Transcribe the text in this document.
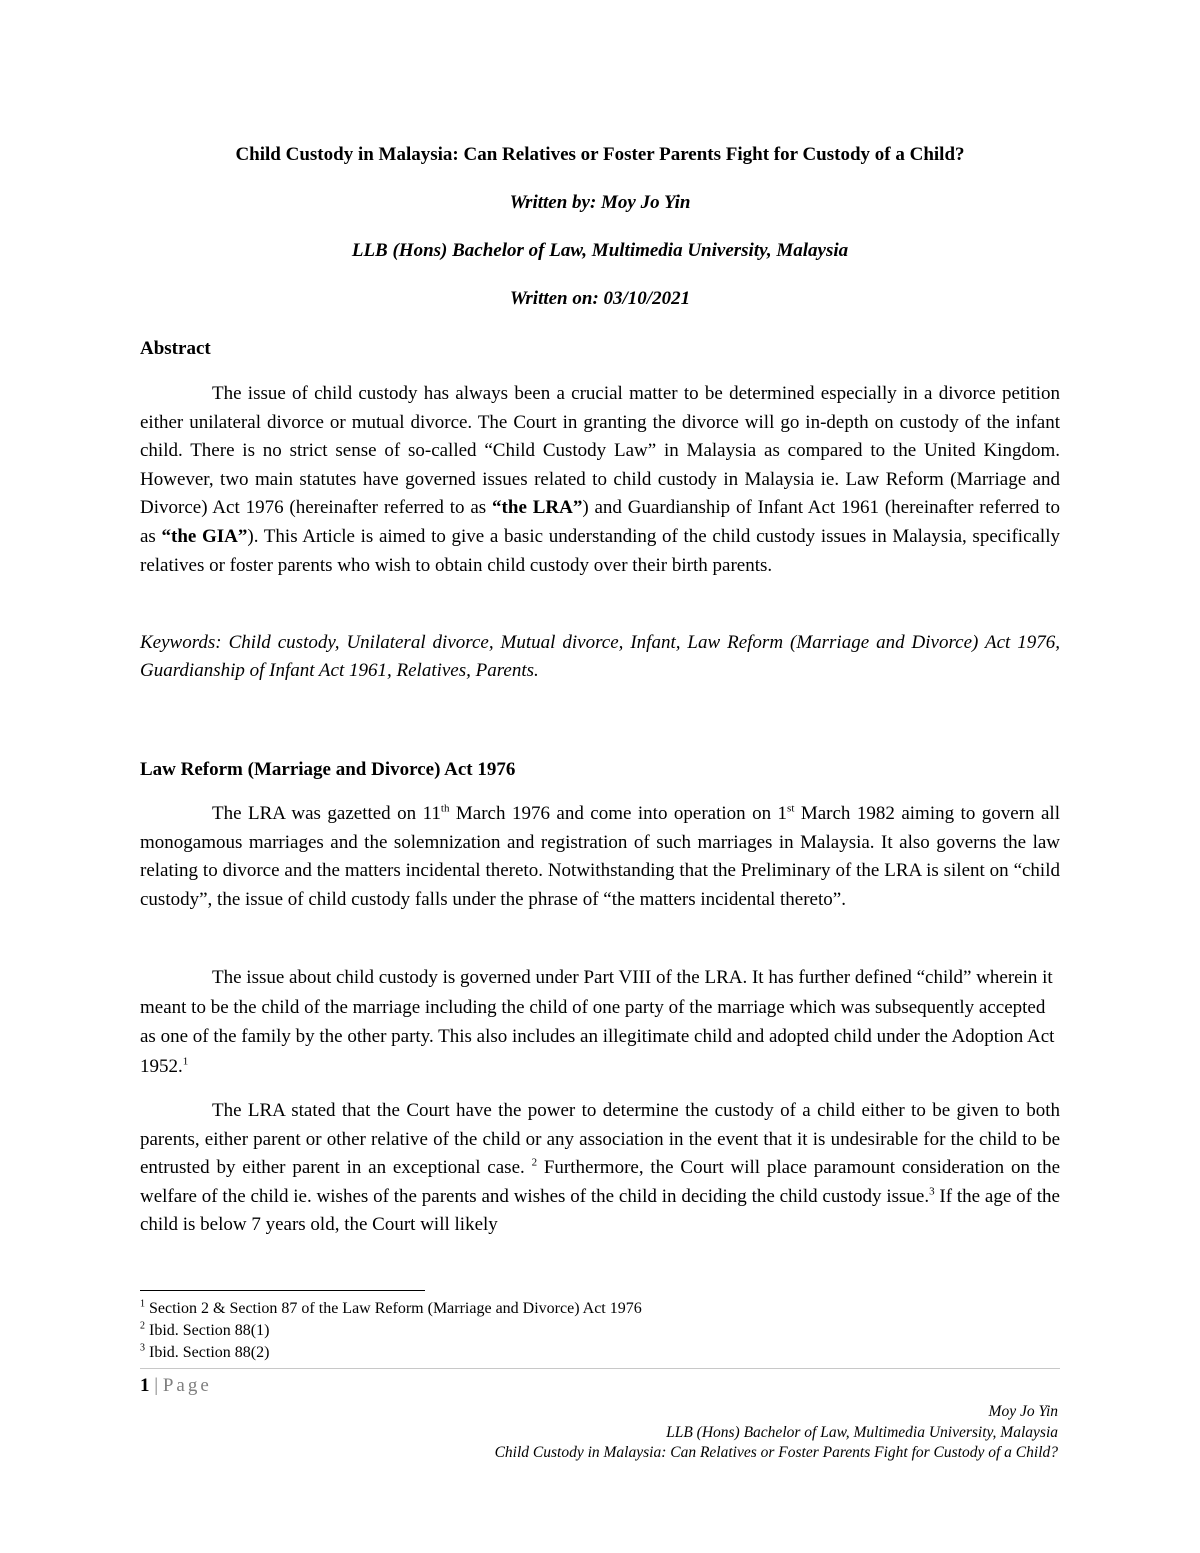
Child Custody in Malaysia: Can Relatives or Foster Parents Fight for Custody of a Child?
Written by: Moy Jo Yin
LLB (Hons) Bachelor of Law, Multimedia University, Malaysia
Written on: 03/10/2021
Abstract

The issue of child custody has always been a crucial matter to be determined especially in a divorce petition either unilateral divorce or mutual divorce. The Court in granting the divorce will go in-depth on custody of the infant child. There is no strict sense of so-called “Child Custody Law” in Malaysia as compared to the United Kingdom. However, two main statutes have governed issues related to child custody in Malaysia ie. Law Reform (Marriage and Divorce) Act 1976 (hereinafter referred to as “the LRA”) and Guardianship of Infant Act 1961 (hereinafter referred to as “the GIA”). This Article is aimed to give a basic understanding of the child custody issues in Malaysia, specifically relatives or foster parents who wish to obtain child custody over their birth parents.

Keywords: Child custody, Unilateral divorce, Mutual divorce, Infant, Law Reform (Marriage and Divorce) Act 1976, Guardianship of Infant Act 1961, Relatives, Parents.

Law Reform (Marriage and Divorce) Act 1976

The LRA was gazetted on 11th March 1976 and come into operation on 1st March 1982 aiming to govern all monogamous marriages and the solemnization and registration of such marriages in Malaysia. It also governs the law relating to divorce and the matters incidental thereto. Notwithstanding that the Preliminary of the LRA is silent on “child custody”, the issue of child custody falls under the phrase of “the matters incidental thereto”.

The issue about child custody is governed under Part VIII of the LRA. It has further defined “child” wherein it meant to be the child of the marriage including the child of one party of the marriage which was subsequently accepted as one of the family by the other party. This also includes an illegitimate child and adopted child under the Adoption Act 1952.$^1$

The LRA stated that the Court have the power to determine the custody of a child either to be given to both parents, either parent or other relative of the child or any association in the event that it is undesirable for the child to be entrusted by either parent in an exceptional case. $^2$ Furthermore, the Court will place paramount consideration on the welfare of the child ie. wishes of the parents and wishes of the child in deciding the child custody issue.$^3$ If the age of the child is below 7 years old, the Court will likely

$^1$ Section 2 & Section 87 of the Law Reform (Marriage and Divorce) Act 1976
$^2$ Ibid. Section 88(1)
$^3$ Ibid. Section 88(2)
1 | Page
Moy Jo Yin
LLB (Hons) Bachelor of Law, Multimedia University, Malaysia
Child Custody in Malaysia: Can Relatives or Foster Parents Fight for Custody of a Child?
